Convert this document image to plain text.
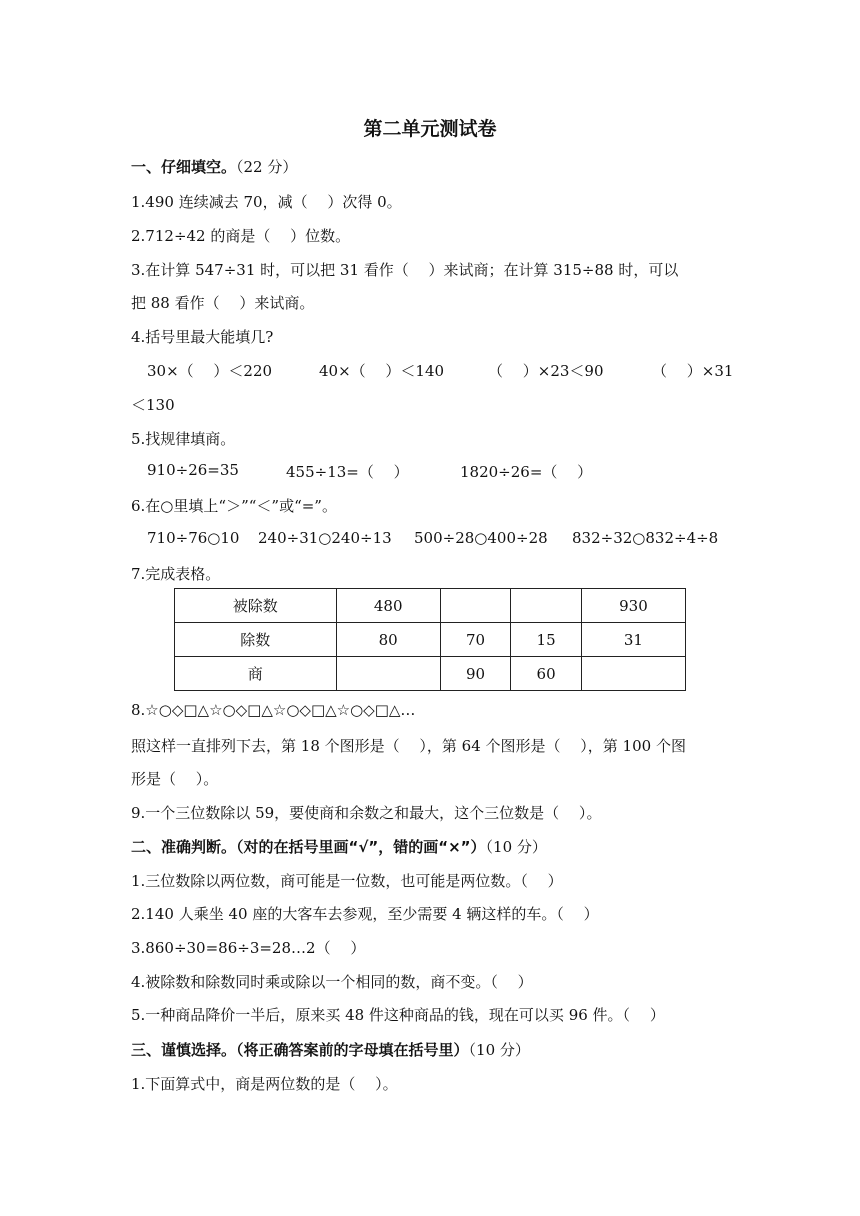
第二单元测试卷
一、仔细填空。（22 分）
1.490 连续减去 70，减（　 ）次得 0。
2.712÷42 的商是（　 ）位数。
3.在计算 547÷31 时，可以把 31 看作（　 ）来试商；在计算 315÷88 时，可以
把 88 看作（　 ）来试商。
4.括号里最大能填几?
30×（　 ）＜220	40×（　 ）＜140	（　 ）×23＜90	（　 ）×31
＜130
5.找规律填商。
910÷26=35	455÷13=（　 ）	1820÷26=（　 ）
6.在○里填上“＞”“＜”或“=”。
710÷76○10 240÷31○240÷13 500÷28○400÷28 832÷32○832÷4÷8
7.完成表格。
被除数	480			930
除数	80	70	15	31
商		90	60	
8.☆○◇□△☆○◇□△☆○◇□△☆○◇□△…
照这样一直排列下去，第 18 个图形是（　 ），第 64 个图形是（　 ），第 100 个图
形是（　 ）。
9.一个三位数除以 59，要使商和余数之和最大，这个三位数是（　 ）。
二、准确判断。（对的在括号里画“√”，错的画“×”）（10 分）
1.三位数除以两位数，商可能是一位数，也可能是两位数。（　 ）
2.140 人乘坐 40 座的大客车去参观，至少需要 4 辆这样的车。（　 ）
3.860÷30=86÷3=28…2（　 ）
4.被除数和除数同时乘或除以一个相同的数，商不变。（　 ）
5.一种商品降价一半后，原来买 48 件这种商品的钱，现在可以买 96 件。（　 ）
三、谨慎选择。（将正确答案前的字母填在括号里）（10 分）
1.下面算式中，商是两位数的是（　 ）。
